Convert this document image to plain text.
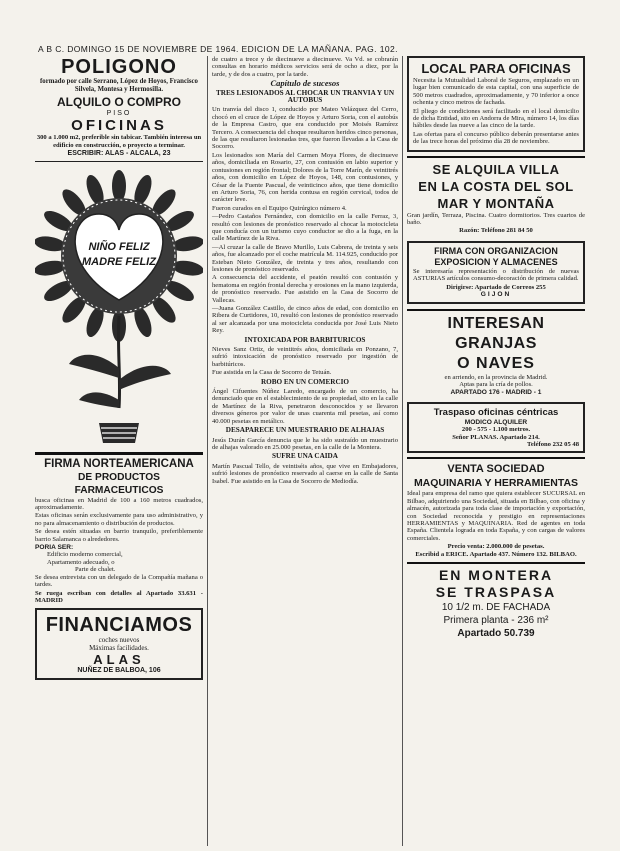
A B C. DOMINGO 15 DE NOVIEMBRE DE 1964. EDICION DE LA MAÑANA. PAG. 102.
POLIGONO
formado por calle Serrano, López de Hoyos, Francisco Silvela, Montesa y Hermosilla.
ALQUILO O COMPRO
PISO
OFICINAS

300 a 1.000 m2, preferible sin tabicar. También interesa un edificio en construcción, o proyecto a terminar.

ESCRIBIR: ALAS - ALCALA, 23
NIÑO FELIZ
MADRE FELIZ
FIRMA NORTEAMERICANA
DE PRODUCTOS FARMACEUTICOS

busca oficinas en Madrid de 100 a 160 metros cuadrados, aproximadamente.

Estas oficinas serán exclusivamente para uso administrativo, y no para almacenamiento o distribución de productos.

Se desea estén situadas en barrio tranquilo, preferiblemente barrio Salamanca o alrededores.

PORIA SER:
Edificio moderno comercial,
Apartamento adecuado, o
Parte de chalet.

Se desea entrevista con un delegado de la Compañía mañana o tardes.

Se ruega escriban con detalles al Apartado 33.631 - MADRID

FINANCIAMOS
coches nuevos
Máximas facilidades.
ALAS
NUÑEZ DE BALBOA, 106

de cuatro a trece y de diecinueve a diecinueve. Va Vd. se cobrarán consultas en horario médicos servicios será de ocho a diez, por la tarde, y de dos a cuatro, por la tarde.

Capítulo de sucesos
TRES LESIONADOS AL CHOCAR UN TRANVIA Y UN AUTOBUS

Un tranvía del disco 1, conducido por Mateo Velázquez del Cerro, chocó en el cruce de López de Hoyos y Arturo Soria, con el autobús de la Empresa Castro, que era conducido por Moisés Ramírez Tercero. A consecuencia del choque resultaron heridos cinco personas, de las que resultaron lesionadas tres, que fueron llevadas a la Casa de Socorro.

Los lesionados son María del Carmen Moya Flores, de diecinueve años, domiciliada en Rosario, 27, con contusión en labio superior y contusiones en región frontal; Dolores de la Torre Marín, de veintitrés años, con domicilio en López de Hoyos, 148, con contusiones, y César de la Fuente Pascual, de veinticinco años, que tiene domicilio en Arturo Soria, 76, con herida contusa en región cervical, todos de carácter leve.

Fueron curados en el Equipo Quirúrgico número 4.

—Pedro Castaños Fernández, con domicilio en la calle Ferraz, 3, resultó con lesiones de pronóstico reservado al chocar la motocicleta que conducía con un turismo cuyo conductor se dio a la fuga, en la calle Martínez de la Riva.

—Al cruzar la calle de Bravo Murillo, Luis Cabrera, de treinta y seis años, fue alcanzado por el coche matrícula M. 114.925, conducido por Esteban Nieto González, de treinta y tres años, resultando con lesiones de pronóstico reservado.

A consecuencia del accidente, el peatón resultó con contusión y hematoma en región frontal derecha y erosiones en la mano izquierda, de pronóstico reservado. Fue asistido en la Casa de Socorro de Vallecas.

—Juana González Castillo, de cinco años de edad, con domicilio en Ribera de Curtidores, 10, resultó con lesiones de pronóstico reservado al ser alcanzada por una motocicleta conducida por José Luis Nieto Rey.

INTOXICADA POR BARBITURICOS

Nieves Sanz Ortiz, de veintitrés años, domiciliada en Ponzano, 7, sufrió intoxicación de pronóstico reservado por ingestión de barbitúricos.

Fue asistida en la Casa de Socorro de Tetuán.

ROBO EN UN COMERCIO

Ángel Cifuentes Núñez Laredo, encargado de un comercio, ha denunciado que en el establecimiento de su propiedad, sito en la calle de Martínez de la Riva, penetraron desconocidos y se llevaron diversos géneros por valor de unas cuarenta mil pesetas, así como 40.000 pesetas en metálico.

DESAPARECE UN MUESTRARIO DE ALHAJAS

Jesús Durán García denuncia que le ha sido sustraído un muestrario de alhajas valorado en 25.000 pesetas, en la calle de la Montera.

SUFRE UNA CAIDA

Martín Pascual Tello, de veintiséis años, que vive en Embajadores, sufrió lesiones de pronóstico reservado al caerse en la calle de Santa Isabel. Fue asistido en la Casa de Socorro de Mediodía.

LOCAL PARA OFICINAS

Necesita la Mutualidad Laboral de Seguros, emplazado en un lugar bien comunicado de esta capital, con una superficie de 500 metros cuadrados, aproximadamente, y 70 inferior a once ochenta y cinco metros de fachada.

El pliego de condiciones será facilitado en el local domicilio de dicha Entidad, sito en Andorra de Mira, número 14, los días hábiles desde las nueve a las cinco de la tarde.

Las ofertas para el concurso público deberán presentarse antes de las trece horas del próximo día 28 de noviembre.

SE ALQUILA VILLA
EN LA COSTA DEL SOL
MAR Y MONTAÑA

Gran jardín, Terraza, Piscina. Cuatro dormitorios. Tres cuartos de baño.

Razón: Teléfono 281 84 50
FIRMA CON ORGANIZACION
EXPOSICION Y ALMACENES

Se interesaría representación o distribución de nuevas ASTURIAS artículos consumo-decoración de primera calidad.

Dirigirse: Apartado de Correos 255
GIJON
INTERESAN GRANJAS
O NAVES
en arriendo, en la provincia de Madrid.
Aptas para la cría de pollos.
APARTADO 176 - MADRID - 1
Traspaso oficinas céntricas
MODICO ALQUILER
200 - 575 - 1.100 metros.
Señor PLANAS. Apartado 214.
Teléfono 232 05 48
VENTA SOCIEDAD
MAQUINARIA Y HERRAMIENTAS

Ideal para empresa del ramo que quiera establecer SUCURSAL en Bilbao, adquiriendo una Sociedad, situada en Bilbao, con oficina y almacén, autorizada para toda clase de importación y exportación, con Sociedad reconocida y prestigio en representaciones HERRAMIENTAS y MAQUINARIA. Red de agentes en toda España. Clientela lograda en toda España, y con cargas de valores comerciales.

Precio venta: 2.000.000 de pesetas.
Escribid a ERICE. Apartado 437. Número 132. BILBAO.
EN MONTERA
SE TRASPASA
10 1/2 m. DE FACHADA
Primera planta - 236 m²
Apartado 50.739
